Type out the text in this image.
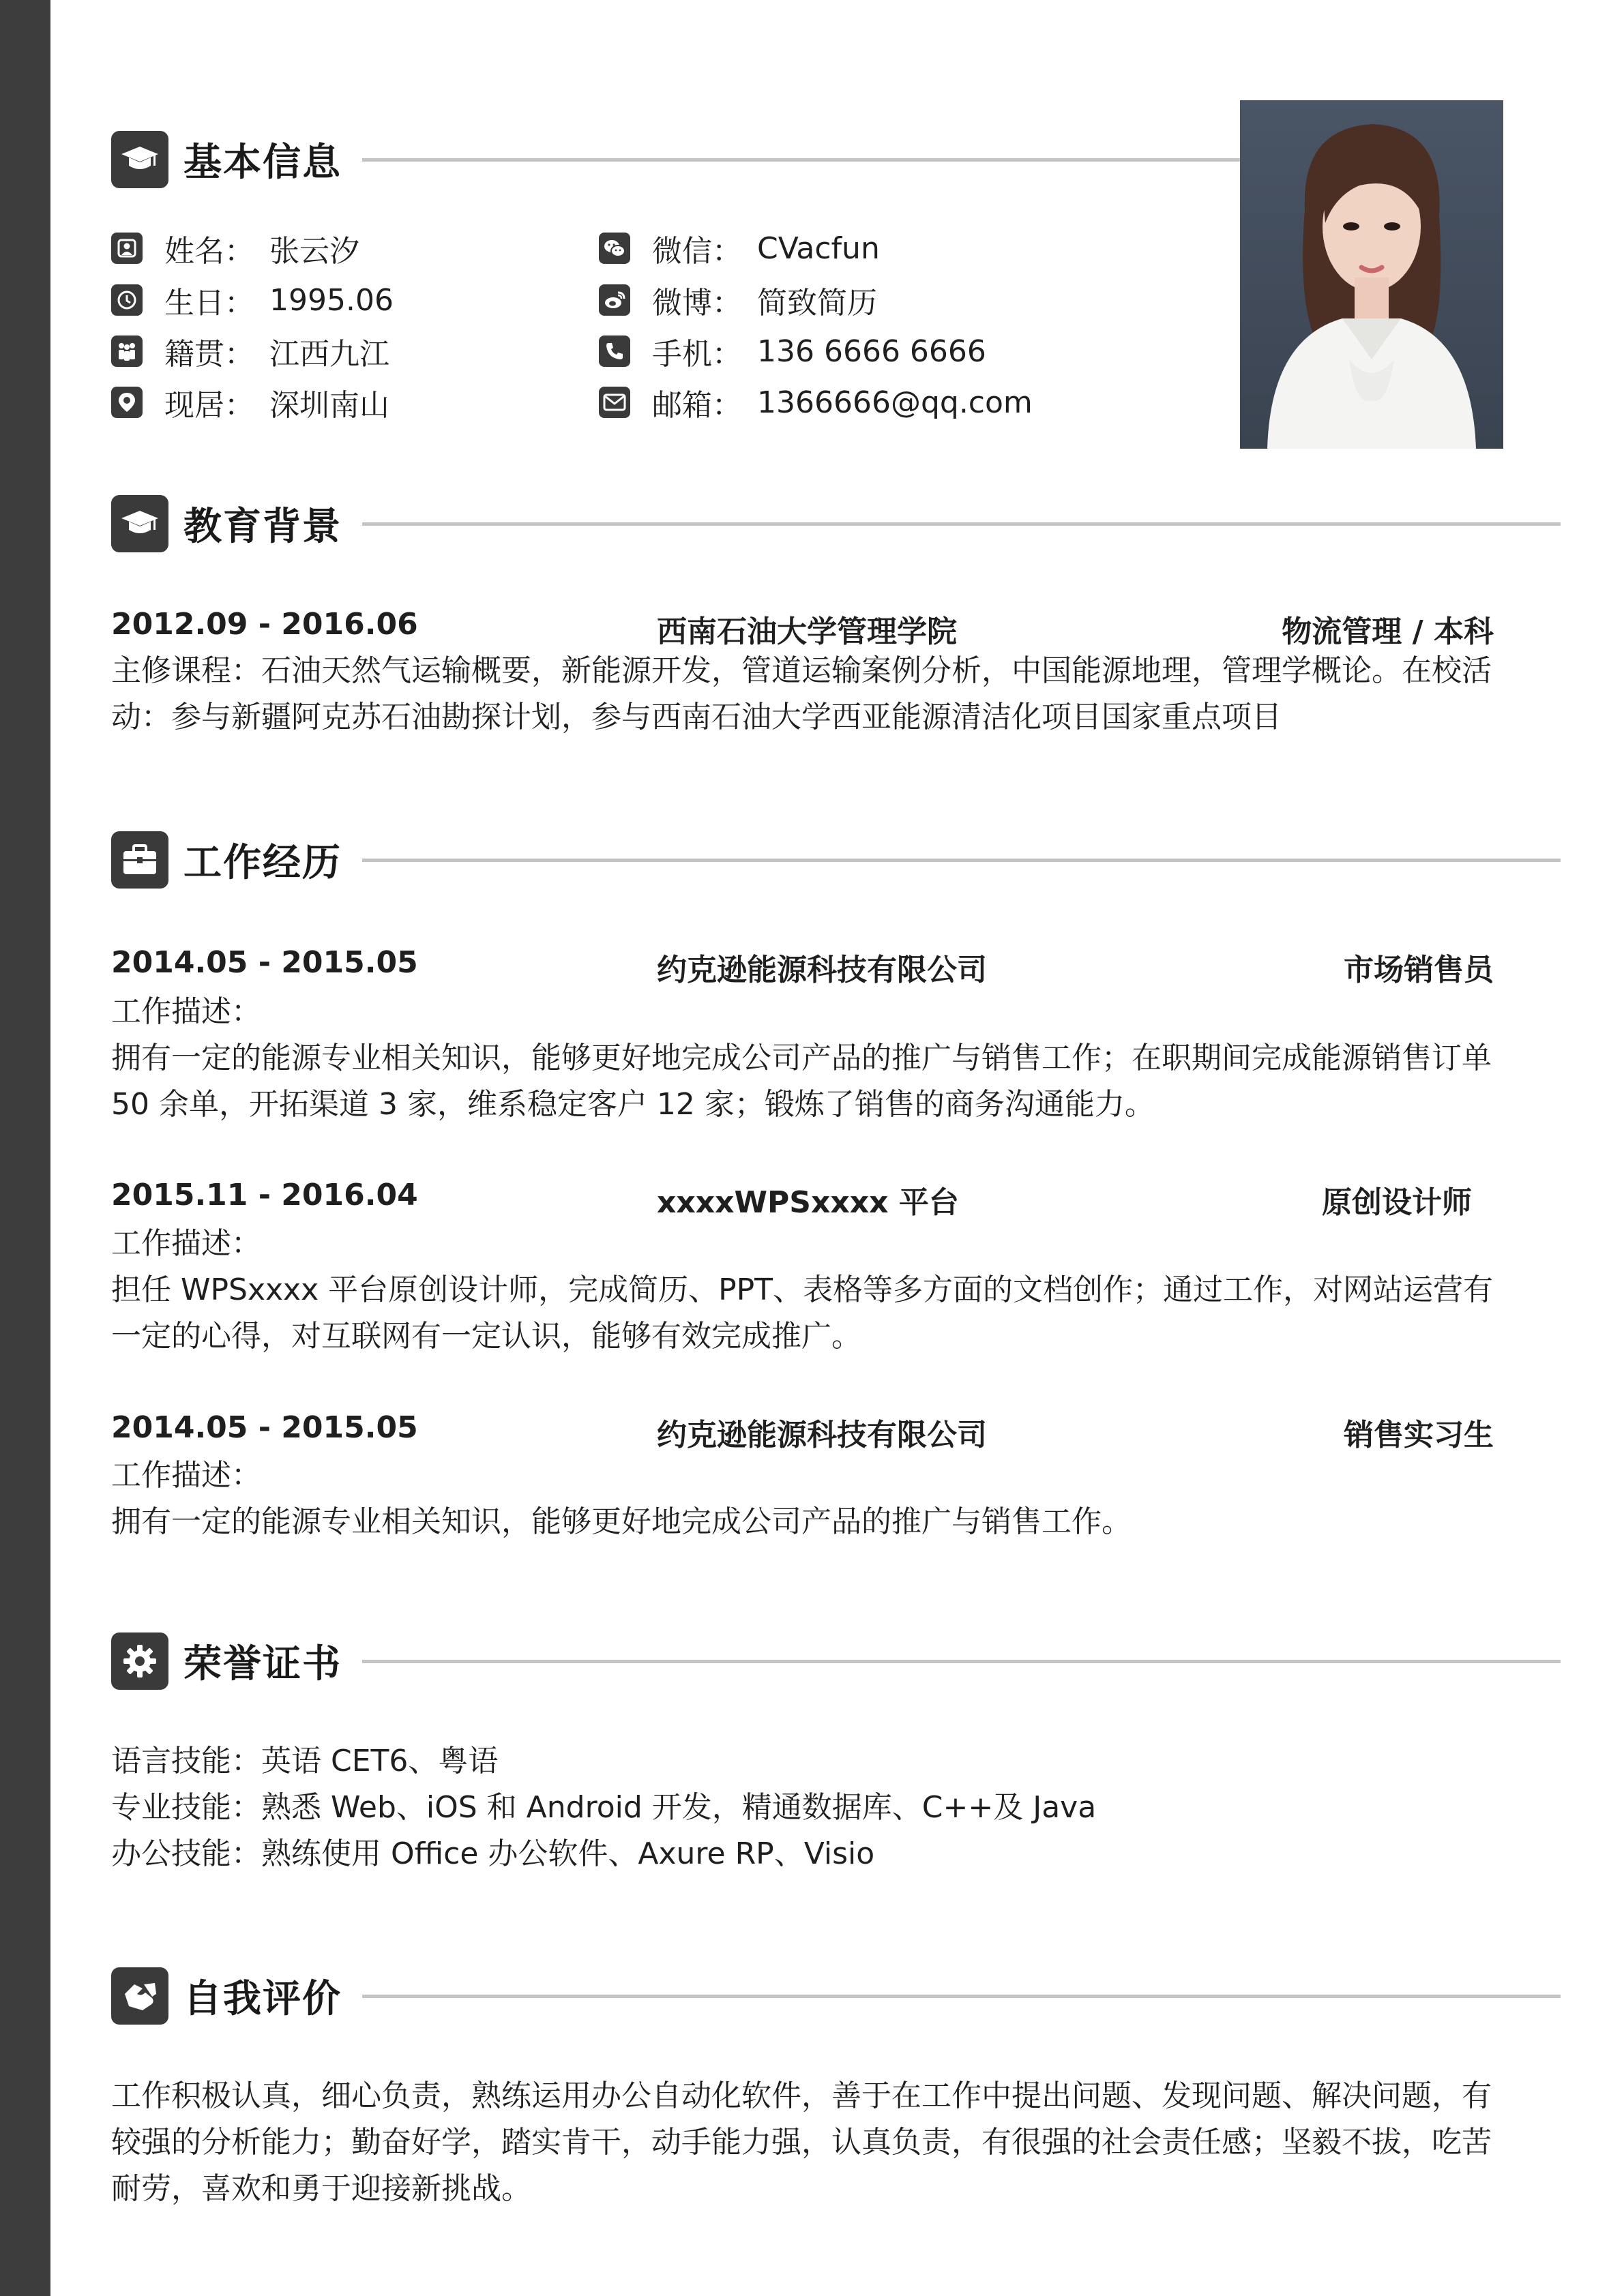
基本信息
姓名： 张云汐
生日： 1995.06
籍贯： 江西九江
现居： 深圳南山
微信： CVacfun
微博： 简致简历
手机： 136 6666 6666
邮箱： 1366666@qq.com
教育背景
2012.09 - 2016.06	西南石油大学管理学院	物流管理 / 本科

主修课程：石油天然气运输概要，新能源开发，管道运输案例分析，中国能源地理，管理学概论。在校活动：参与新疆阿克苏石油勘探计划，参与西南石油大学西亚能源清洁化项目国家重点项目

工作经历
2014.05 - 2015.05	约克逊能源科技有限公司	市场销售员

工作描述：

拥有一定的能源专业相关知识，能够更好地完成公司产品的推广与销售工作；在职期间完成能源销售订单 50 余单，开拓渠道 3 家，维系稳定客户 12 家；锻炼了销售的商务沟通能力。

2015.11 - 2016.04	xxxxWPSxxxx 平台	原创设计师

工作描述：

担任 WPSxxxx 平台原创设计师，完成简历、PPT、表格等多方面的文档创作；通过工作，对网站运营有一定的心得，对互联网有一定认识，能够有效完成推广。

2014.05 - 2015.05	约克逊能源科技有限公司	销售实习生

工作描述：

拥有一定的能源专业相关知识，能够更好地完成公司产品的推广与销售工作。

荣誉证书

语言技能：英语 CET6、粤语

专业技能：熟悉 Web、iOS 和 Android 开发，精通数据库、C++及 Java

办公技能：熟练使用 Office 办公软件、Axure RP、Visio

自我评价

工作积极认真，细心负责，熟练运用办公自动化软件，善于在工作中提出问题、发现问题、解决问题，有较强的分析能力；勤奋好学，踏实肯干，动手能力强，认真负责，有很强的社会责任感；坚毅不拔，吃苦耐劳，喜欢和勇于迎接新挑战。
